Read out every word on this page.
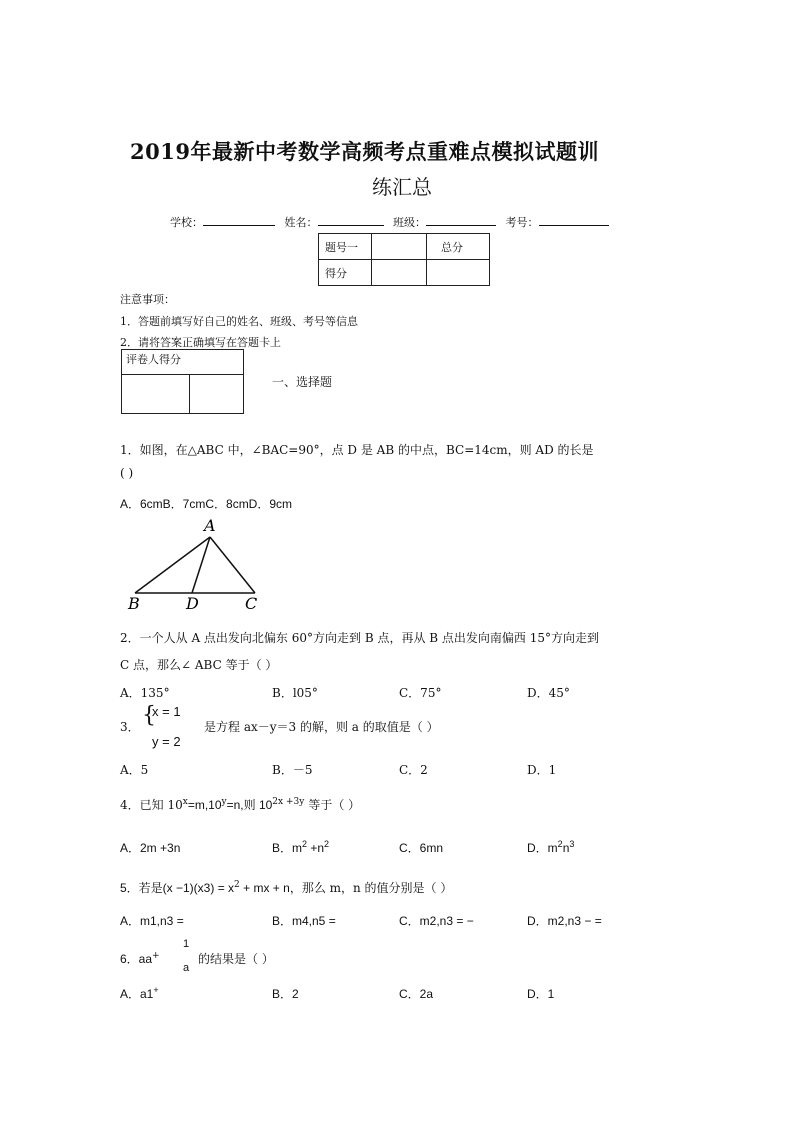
2019年最新中考数学高频考点重难点模拟试题训
练汇总
学校：	姓名：	班级：	考号：
题号一		总分
得分		
注意事项：
1．答题前填写好自己的姓名、班级、考号等信息
2．请将答案正确填写在答题卡上
评卷人得分	

一、选择题
1．如图，在△ABC 中，∠BAC=90°，点 D 是 AB 的中点，BC=14cm，则 AD 的长是
( )
A．6cmB．7cmC．8cmD．9cm
A
B	D	C
2．一个人从 A 点出发向北偏东 60°方向走到 B 点，再从 B 点出发向南偏西 15°方向走到
C 点，那么∠ ABC 等于（ ）
A．135°	B．l05°	C．75°	D．45°
3． {
x = 1
y = 2
是方程 ax－y＝3 的解，则 a 的取值是（ ）
A．5	B．－5	C．2	D．1
4．已知 $10^x=m,10^y=n$,则 $10^{2x +3y}$ 等于（ ）
A．2m +3n	B．$m^2 +n^2$	C．6mn	D．$m^2n^3$
5．若是$(x -1)(x3) = x^2$ + mx + n，那么 m，n 的值分别是（ ）
A．m1,n3 =	B．m4,n5 =	C．m2,n3 = −	D．m2,n3 − =
6．aa+
1
a
的结果是（ ）
A．a1+	B．2	C．2a	D．1
